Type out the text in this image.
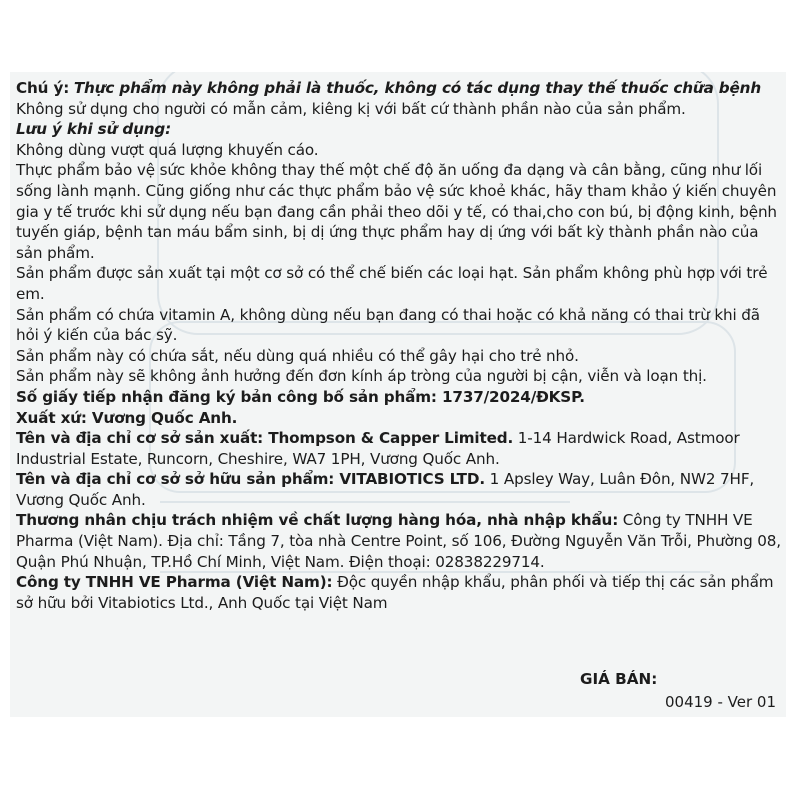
Chú ý: Thực phẩm này không phải là thuốc, không có tác dụng thay thế thuốc chữa bệnh

Không sử dụng cho người có mẫn cảm, kiêng kị với bất cứ thành phần nào của sản phẩm.

Lưu ý khi sử dụng:

Không dùng vượt quá lượng khuyến cáo.

Thực phẩm bảo vệ sức khỏe không thay thế một chế độ ăn uống đa dạng và cân bằng, cũng như lối sống lành mạnh. Cũng giống như các thực phẩm bảo vệ sức khoẻ khác, hãy tham khảo ý kiến chuyên gia y tế trước khi sử dụng nếu bạn đang cần phải theo dõi y tế, có thai,cho con bú, bị động kinh, bệnh tuyến giáp, bệnh tan máu bẩm sinh, bị dị ứng thực phẩm hay dị ứng với bất kỳ thành phần nào của sản phẩm.

Sản phẩm được sản xuất tại một cơ sở có thể chế biến các loại hạt. Sản phẩm không phù hợp với trẻ em.

Sản phẩm có chứa vitamin A, không dùng nếu bạn đang có thai hoặc có khả năng có thai trừ khi đã hỏi ý kiến của bác sỹ.

Sản phẩm này có chứa sắt, nếu dùng quá nhiều có thể gây hại cho trẻ nhỏ.

Sản phẩm này sẽ không ảnh hưởng đến đơn kính áp tròng của người bị cận, viễn và loạn thị.

Số giấy tiếp nhận đăng ký bản công bố sản phẩm: 1737/2024/ĐKSP.

Xuất xứ: Vương Quốc Anh.

Tên và địa chỉ cơ sở sản xuất: Thompson & Capper Limited. 1-14 Hardwick Road, Astmoor Industrial Estate, Runcorn, Cheshire, WA7 1PH, Vương Quốc Anh.

Tên và địa chỉ cơ sở sở hữu sản phẩm: VITABIOTICS LTD. 1 Apsley Way, Luân Đôn, NW2 7HF, Vương Quốc Anh.

Thương nhân chịu trách nhiệm về chất lượng hàng hóa, nhà nhập khẩu: Công ty TNHH VE Pharma (Việt Nam). Địa chỉ: Tầng 7, tòa nhà Centre Point, số 106, Đường Nguyễn Văn Trỗi, Phường 08, Quận Phú Nhuận, TP.Hồ Chí Minh, Việt Nam. Điện thoại: 02838229714.

Công ty TNHH VE Pharma (Việt Nam): Độc quyền nhập khẩu, phân phối và tiếp thị các sản phẩm sở hữu bởi Vitabiotics Ltd., Anh Quốc tại Việt Nam

GIÁ BÁN:
00419 - Ver 01
